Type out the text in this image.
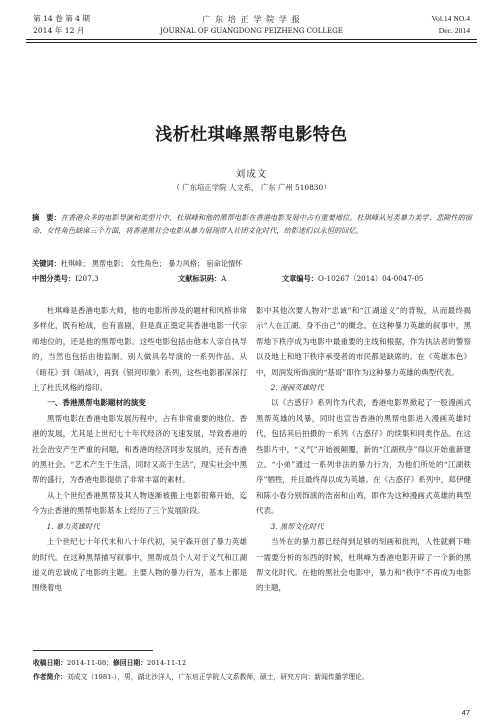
第 14 卷 第 4 期
2014 年 12 月
广 东 培 正 学 院 学 报
JOURNAL OF GUANGDONG PEIZHENG COLLEGE
Vol.14 NO.4
Dec. 2014
浅析杜琪峰黑帮电影特色
刘成文
（ 广东培正学院 人文系， 广东 广州 510830）
摘　要：在香港众多的电影导演和类型片中，杜琪峰和他的黑帮电影在香港电影发展中占有重要地位。杜琪峰从另类暴力美学、悲剧性的宿命、女性角色缺席三个方面，将香港黑社会电影从暴力展现带入社团文化时代，给影迷们以永恒的回忆。
关键词：杜琪峰； 黑帮电影； 女性角色； 暴力风格； 宿命论情怀
中图分类号：I207.3	文献标识码：A	文章编号：O-10267（2014）04-0047-05

杜琪峰是香港电影大师，他的电影所涉及的题材和风格非常多样化，既有枪战，也有喜剧，但是真正奠定其香港电影一代宗师地位的，还是他的黑帮电影。这些电影包括由他本人亲自执导的，当然也包括由他监制、别人做具名导演的一系列作品。从《暗花》到《暗战》，再到《银河印象》系列，这些电影都深深打上了杜氏风格的烙印。

一、香港黑帮电影题材的演变

黑帮电影在香港电影发展历程中，占有非常重要的地位。香港的发展，尤其是上世纪七十年代经济的飞速发展，导致香港的社会治安产生严重的问题，和香港的经济同步发展的，还有香港的黑社会。“艺术产生于生活，同时又高于生活”，现实社会中黑帮的盛行，为香港电影提供了非常丰富的素材。

从上个世纪香港黑帮及其人物逐渐被搬上电影银幕开始，迄今为止香港的黑帮电影基本上经历了三个发展阶段。

1. 暴力英雄时代

上个世纪七十年代末和八十年代初，吴宇森开创了暴力英雄的时代。在这种黑帮描写叙事中，黑帮成员个人对于义气和江湖道义的忠诚成了电影的主题。主要人物的暴力行为，基本上都是围绕着电

影中其他次要人物对“忠诚”和“江湖道义”的背叛，从而最终揭示“人在江湖、身不由己”的概念。在这种暴力英雄的叙事中，黑帮地下秩序成为电影中最重要的主线和根据，作为执法者的警察以及地上和地下秩序承受者的市民都是缺席的。在《英雄本色》中，周润发所饰演的“基哥”即作为这种暴力英雄的典型代表。

2. 漫画英雄时代

以《古惑仔》系列作为代表，香港电影界掀起了一股漫画式黑帮英雄的风暴，同时也宣告香港的黑帮电影进入漫画英雄时代，包括其后拍摄的一系列《古惑仔》的续集和同类作品。在这些影片中，“义气”开始被颠覆，新的“江湖秩序”得以开始重新建立。“小弟”通过一系列非法的暴力行为，为他们所处的“江湖秩序”牺牲，并且最终得以成为英雄。在《古惑仔》系列中，郑伊健和陈小春分别饰演的浩南和山鸡，即作为这种漫画式英雄的典型代表。

3. 黑帮文化时代

当外在的暴力都已经得到足够的刻画和批判，人性就剩下唯一需要分析的东西的时候，杜琪峰为香港电影开辟了一个新的黑帮文化时代。在他的黑社会电影中，暴力和“秩序”不再成为电影的主题，

收稿日期：2014-11-08；修回日期：2014-11-12
作者简介：刘成文（1981-），男，湖北沙洋人，广东培正学院人文系教师，硕士，研究方向：新闻传播学理论。
47
